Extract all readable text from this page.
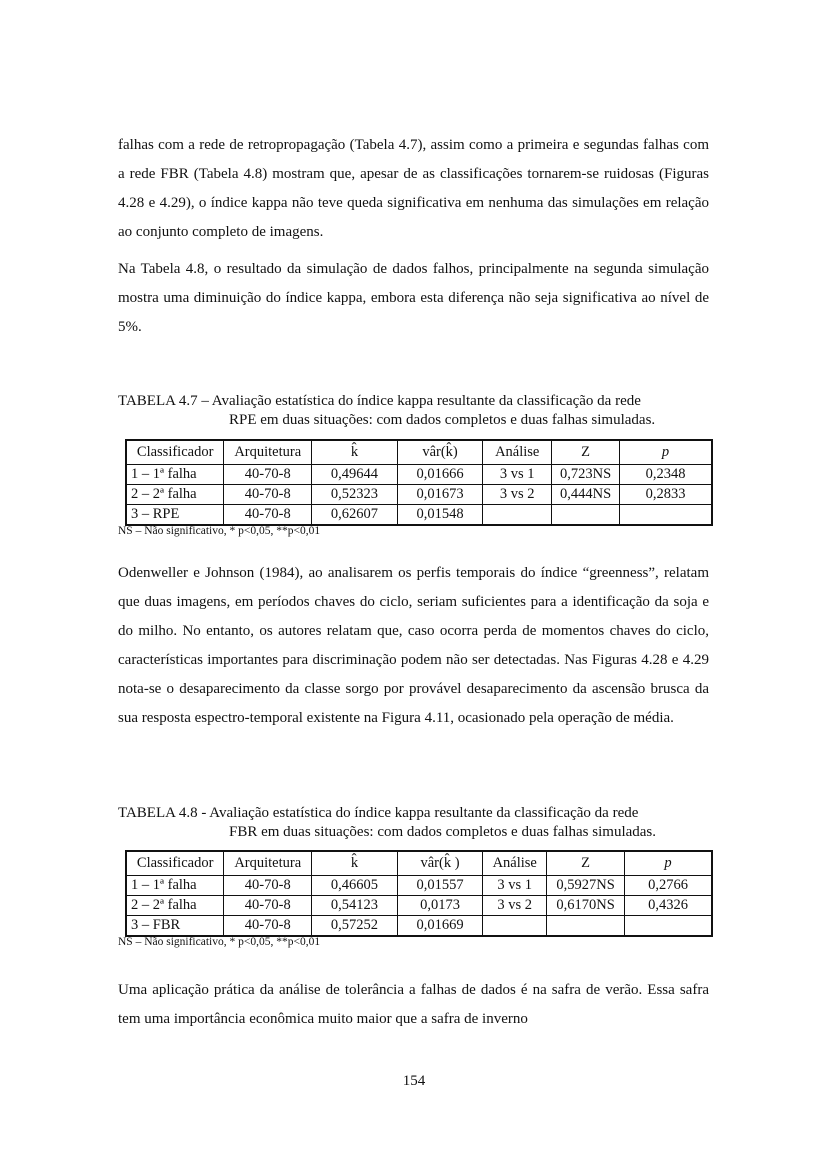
falhas com a rede de retropropagação (Tabela 4.7), assim como a primeira e segundas falhas com a rede FBR (Tabela 4.8) mostram que, apesar de as classificações tornarem-se ruidosas (Figuras 4.28 e 4.29), o índice kappa não teve queda significativa em nenhuma das simulações em relação ao conjunto completo de imagens.

Na Tabela 4.8, o resultado da simulação de dados falhos, principalmente na segunda simulação mostra uma diminuição do índice kappa, embora esta diferença não seja significativa ao nível de 5%.

TABELA 4.7 – Avaliação estatística do índice kappa resultante da classificação da rede
RPE em duas situações: com dados completos e duas falhas simuladas.

Classificador	Arquitetura	k̂	vâr(k̂)	Análise	Z	p
1 – 1ª falha	40-70-8	0,49644	0,01666	3 vs 1	0,723NS	0,2348
2 – 2ª falha	40-70-8	0,52323	0,01673	3 vs 2	0,444NS	0,2833
3 – RPE	40-70-8	0,62607	0,01548			

NS – Não significativo, * p<0,05, **p<0,01

Odenweller e Johnson (1984), ao analisarem os perfis temporais do índice “greenness”, relatam que duas imagens, em períodos chaves do ciclo, seriam suficientes para a identificação da soja e do milho. No entanto, os autores relatam que, caso ocorra perda de momentos chaves do ciclo, características importantes para discriminação podem não ser detectadas. Nas Figuras 4.28 e 4.29 nota-se o desaparecimento da classe sorgo por provável desaparecimento da ascensão brusca da sua resposta espectro-temporal existente na Figura 4.11, ocasionado pela operação de média.

TABELA 4.8 - Avaliação estatística do índice kappa resultante da classificação da rede
FBR em duas situações: com dados completos e duas falhas simuladas.

Classificador	Arquitetura	k̂	vâr(k̂ )	Análise	Z	p
1 – 1ª falha	40-70-8	0,46605	0,01557	3 vs 1	0,5927NS	0,2766
2 – 2ª falha	40-70-8	0,54123	0,0173	3 vs 2	0,6170NS	0,4326
3 – FBR	40-70-8	0,57252	0,01669			

NS – Não significativo, * p<0,05, **p<0,01

Uma aplicação prática da análise de tolerância a falhas de dados é na safra de verão. Essa safra tem uma importância econômica muito maior que a safra de inverno

154
